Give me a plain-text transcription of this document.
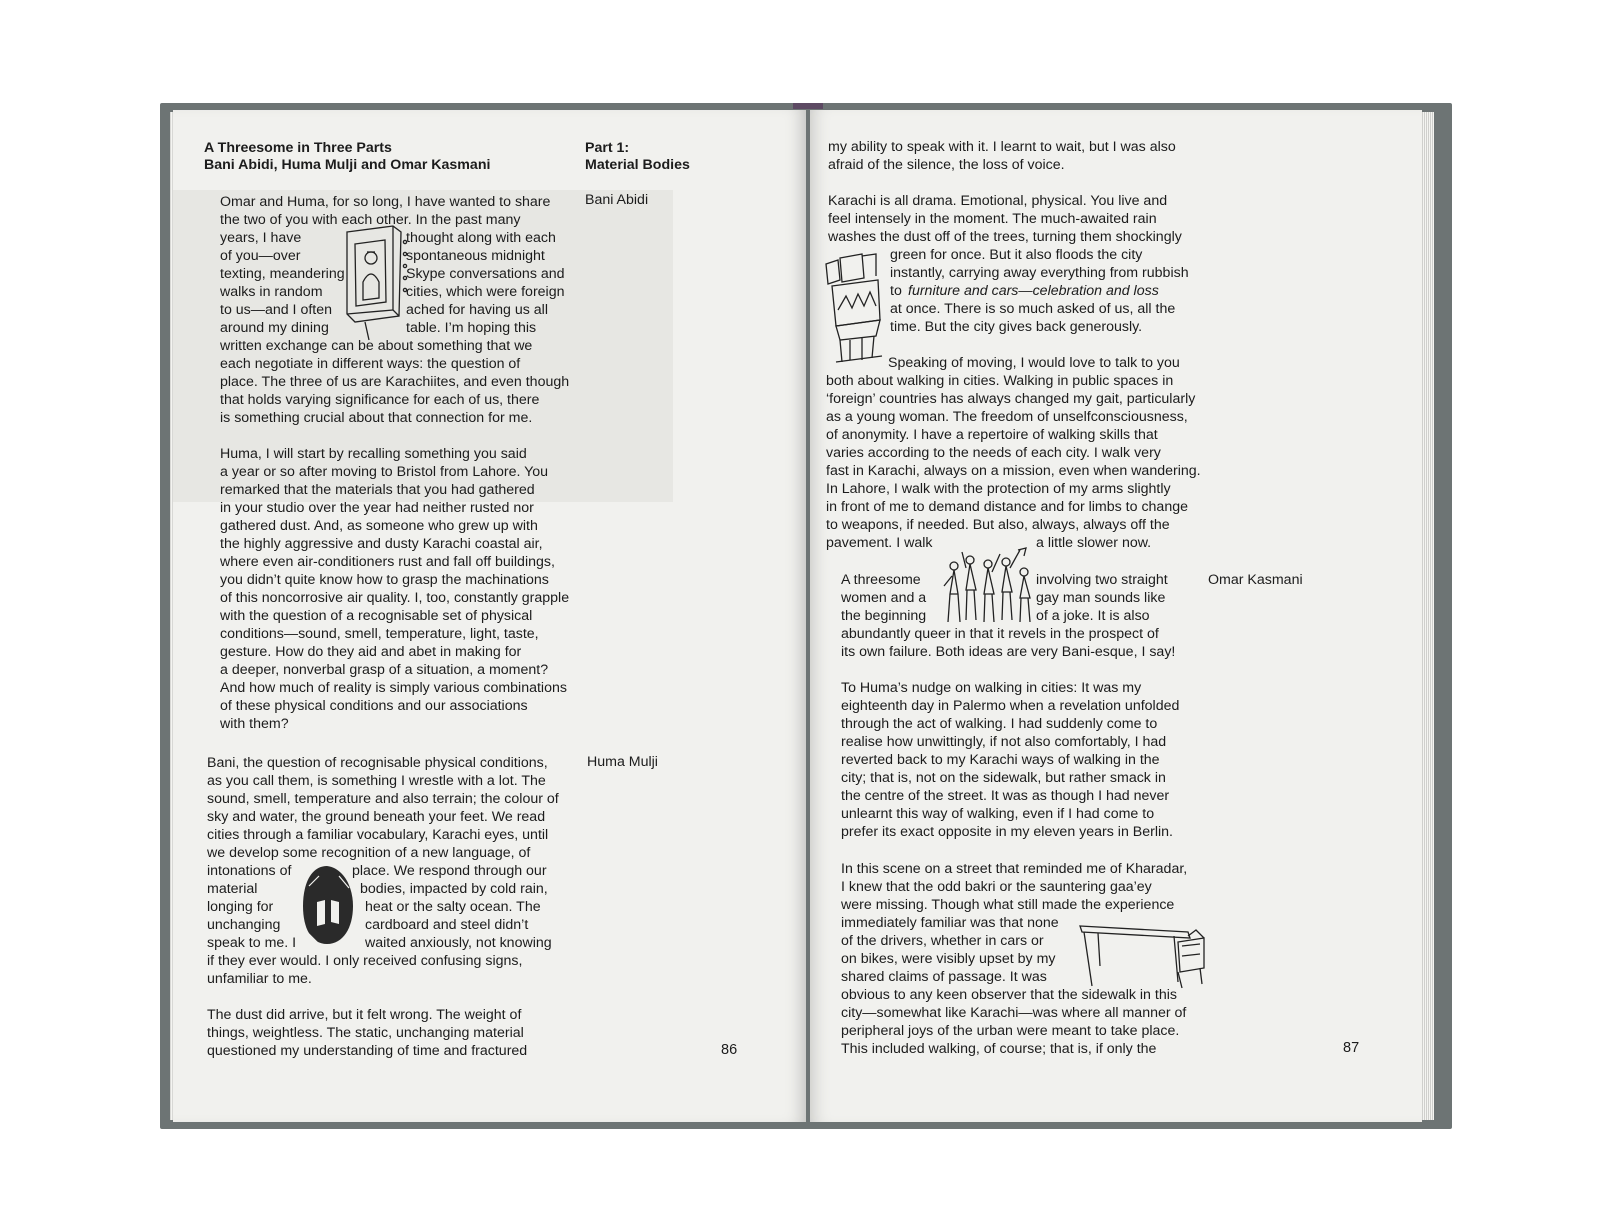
A Threesome in Three Parts
Bani Abidi, Huma Mulji and Omar Kasmani
Part 1:
Material Bodies
Bani Abidi
Huma Mulji
Omar and Huma, for so long, I have wanted to share
the two of you with each other. In the past many
years, I have	thought along with each
of you—over	spontaneous midnight
texting, meandering	Skype conversations and
walks in random	cities, which were foreign
to us—and I often	ached for having us all
around my dining	table. I’m hoping this
written exchange can be about something that we
each negotiate in different ways: the question of
place. The three of us are Karachiites, and even though
that holds varying significance for each of us, there
is something crucial about that connection for me.
Huma, I will start by recalling something you said
a year or so after moving to Bristol from Lahore. You
remarked that the materials that you had gathered
in your studio over the year had neither rusted nor
gathered dust. And, as someone who grew up with
the highly aggressive and dusty Karachi coastal air,
where even air-conditioners rust and fall off buildings,
you didn’t quite know how to grasp the machinations
of this noncorrosive air quality. I, too, constantly grapple
with the question of a recognisable set of physical
conditions—sound, smell, temperature, light, taste,
gesture. How do they aid and abet in making for
a deeper, nonverbal grasp of a situation, a moment?
And how much of reality is simply various combinations
of these physical conditions and our associations
with them?
Bani, the question of recognisable physical conditions,
as you call them, is something I wrestle with a lot. The
sound, smell, temperature and also terrain; the colour of
sky and water, the ground beneath your feet. We read
cities through a familiar vocabulary, Karachi eyes, until
we develop some recognition of a new language, of
intonations of	place. We respond through our
material	bodies, impacted by cold rain,
longing for	heat or the salty ocean. The
unchanging	cardboard and steel didn’t
speak to me. I	waited anxiously, not knowing
if they ever would. I only received confusing signs,
unfamiliar to me.
The dust did arrive, but it felt wrong. The weight of
things, weightless. The static, unchanging material
questioned my understanding of time and fractured	86
my ability to speak with it. I learnt to wait, but I was also
afraid of the silence, the loss of voice.
Karachi is all drama. Emotional, physical. You live and
feel intensely in the moment. The much-awaited rain
washes the dust off of the trees, turning them shockingly
green for once. But it also floods the city
instantly, carrying away everything from rubbish
to furniture and cars—celebration and loss
at once. There is so much asked of us, all the
time. But the city gives back generously.
Speaking of moving, I would love to talk to you
both about walking in cities. Walking in public spaces in
‘foreign’ countries has always changed my gait, particularly
as a young woman. The freedom of unselfconsciousness,
of anonymity. I have a repertoire of walking skills that
varies according to the needs of each city. I walk very
fast in Karachi, always on a mission, even when wandering.
In Lahore, I walk with the protection of my arms slightly
in front of me to demand distance and for limbs to change
to weapons, if needed. But also, always, always off the
pavement. I walk	a little slower now.
Omar Kasmani
A threesome	involving two straight
women and a	gay man sounds like
the beginning	of a joke. It is also
abundantly queer in that it revels in the prospect of
its own failure. Both ideas are very Bani-esque, I say!
To Huma’s nudge on walking in cities: It was my
eighteenth day in Palermo when a revelation unfolded
through the act of walking. I had suddenly come to
realise how unwittingly, if not also comfortably, I had
reverted back to my Karachi ways of walking in the
city; that is, not on the sidewalk, but rather smack in
the centre of the street. It was as though I had never
unlearnt this way of walking, even if I had come to
prefer its exact opposite in my eleven years in Berlin.
In this scene on a street that reminded me of Kharadar,
I knew that the odd bakri or the sauntering gaa’ey
were missing. Though what still made the experience
immediately familiar was that none
of the drivers, whether in cars or
on bikes, were visibly upset by my
shared claims of passage. It was
obvious to any keen observer that the sidewalk in this
city—somewhat like Karachi—was where all manner of
peripheral joys of the urban were meant to take place.
This included walking, of course; that is, if only the	87
